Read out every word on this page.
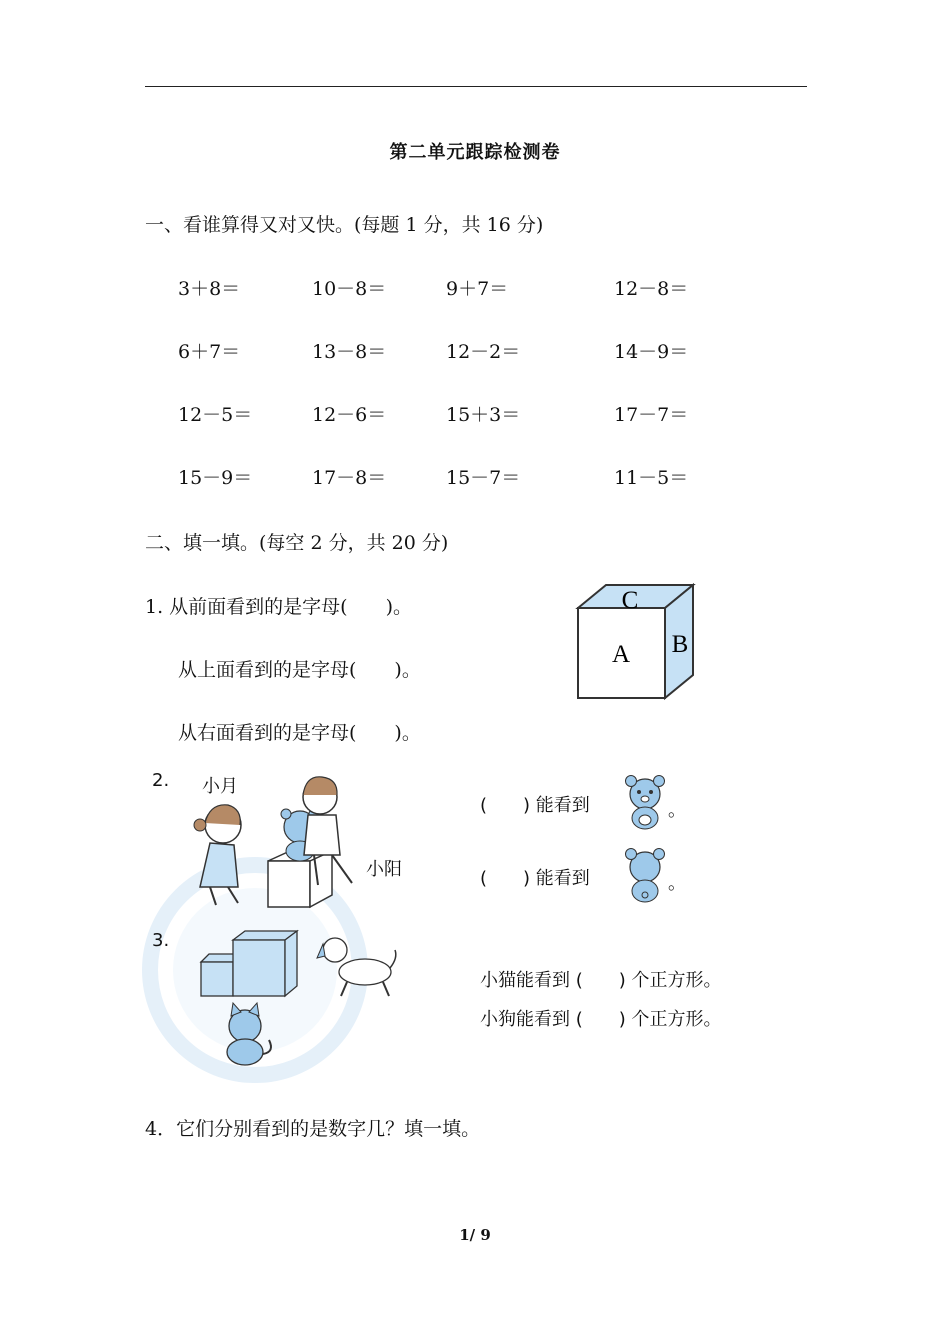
第二单元跟踪检测卷
一、看谁算得又对又快。(每题 1 分，共 16 分)
3＋8＝	10－8＝	9＋7＝	12－8＝
6＋7＝	13－8＝	12－2＝	14－9＝
12－5＝	12－6＝	15＋3＝	17－7＝
15－9＝	17－8＝	15－7＝	11－5＝
二、填一填。(每空 2 分，共 20 分)
1. 从前面看到的是字母(　　)。
从上面看到的是字母(　　)。
从右面看到的是字母(　　)。
C
A B
2. 小月
小阳
(　　) 能看到	。
(　　) 能看到	。
3.
小猫能看到 (　　) 个正方形。
小狗能看到 (　　) 个正方形。
4．它们分别看到的是数字几？填一填。
1/ 9
